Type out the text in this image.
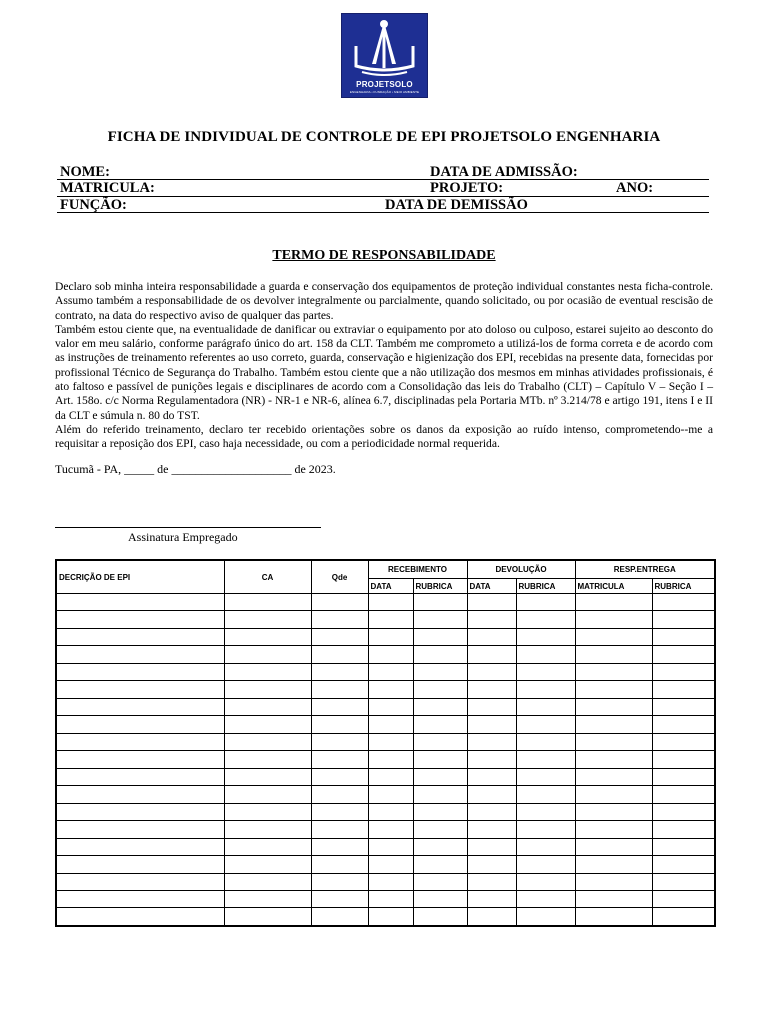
PROJETSOLO
ENGENHARIA • FUNDAÇÃO • MEIO AMBIENTE
FICHA DE INDIVIDUAL DE CONTROLE DE EPI PROJETSOLO ENGENHARIA
NOME:	DATA DE ADMISSÃO:
MATRICULA:	PROJETO:	ANO:
FUNÇÃO:	DATA DE DEMISSÃO
TERMO DE RESPONSABILIDADE

Declaro sob minha inteira responsabilidade a guarda e conservação dos equipamentos de proteção individual constantes nesta ficha-controle. Assumo também a responsabilidade de os devolver integralmente ou parcialmente, quando solicitado, ou por ocasião de eventual rescisão de contrato, na data do respectivo aviso de qualquer das partes.

Também estou ciente que, na eventualidade de danificar ou extraviar o equipamento por ato doloso ou culposo, estarei sujeito ao desconto do valor em meu salário, conforme parágrafo único do art. 158 da CLT. Também me comprometo a utilizá-los de forma correta e de acordo com as instruções de treinamento referentes ao uso correto, guarda, conservação e higienização dos EPI, recebidas na presente data, fornecidas por profissional Técnico de Segurança do Trabalho. Também estou ciente que a não utilização dos mesmos em minhas atividades profissionais, é ato faltoso e passível de punições legais e disciplinares de acordo com a Consolidação das leis do Trabalho (CLT) – Capítulo V – Seção I – Art. 158o. c/c Norma Regulamentadora (NR) - NR-1 e NR-6, alínea 6.7, disciplinadas pela Portaria MTb. nº 3.214/78 e artigo 191, itens I e II da CLT e súmula n. 80 do TST.

Além do referido treinamento, declaro ter recebido orientações sobre os danos da exposição ao ruído intenso, comprometendo--me a requisitar a reposição dos EPI, caso haja necessidade, ou com a periodicidade normal requerida.

Tucumã - PA, _____ de ____________________ de 2023.
Assinatura Empregado
DECRIÇÃO DE EPI	CA	Qde	RECEBIMENTO		DEVOLUÇÃO		RESP.ENTREGA	
			DATA	RUBRICA	DATA	RUBRICA	MATRICULA	RUBRICA
